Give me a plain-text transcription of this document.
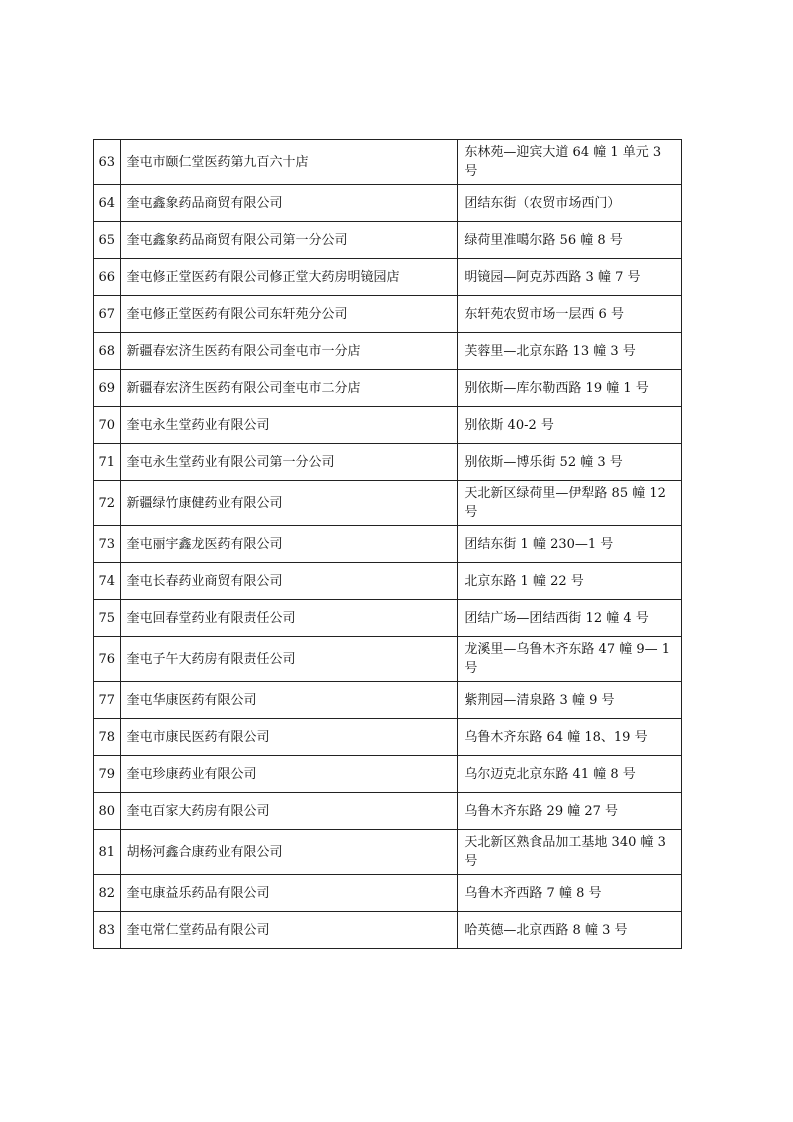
63	奎屯市颐仁堂医药第九百六十店	东林苑—迎宾大道 64 幢 1 单元 3 号
64	奎屯鑫象药品商贸有限公司	团结东街（农贸市场西门）
65	奎屯鑫象药品商贸有限公司第一分公司	绿荷里准噶尔路 56 幢 8 号
66	奎屯修正堂医药有限公司修正堂大药房明镜园店	明镜园—阿克苏西路 3 幢 7 号
67	奎屯修正堂医药有限公司东轩苑分公司	东轩苑农贸市场一层西 6 号
68	新疆春宏济生医药有限公司奎屯市一分店	芙蓉里—北京东路 13 幢 3 号
69	新疆春宏济生医药有限公司奎屯市二分店	别依斯—库尔勒西路 19 幢 1 号
70	奎屯永生堂药业有限公司	别依斯 40-2 号
71	奎屯永生堂药业有限公司第一分公司	别依斯—博乐街 52 幢 3 号
72	新疆绿竹康健药业有限公司	天北新区绿荷里—伊犁路 85 幢 12 号
73	奎屯丽宇鑫龙医药有限公司	团结东街 1 幢 230—1 号
74	奎屯长春药业商贸有限公司	北京东路 1 幢 22 号
75	奎屯回春堂药业有限责任公司	团结广场—团结西街 12 幢 4 号
76	奎屯子午大药房有限责任公司	龙溪里—乌鲁木齐东路 47 幢 9— 1 号
77	奎屯华康医药有限公司	紫荆园—清泉路 3 幢 9 号
78	奎屯市康民医药有限公司	乌鲁木齐东路 64 幢 18、19 号
79	奎屯珍康药业有限公司	乌尔迈克北京东路 41 幢 8 号
80	奎屯百家大药房有限公司	乌鲁木齐东路 29 幢 27 号
81	胡杨河鑫合康药业有限公司	天北新区熟食品加工基地 340 幢 3 号
82	奎屯康益乐药品有限公司	乌鲁木齐西路 7 幢 8 号
83	奎屯常仁堂药品有限公司	哈英德—北京西路 8 幢 3 号
